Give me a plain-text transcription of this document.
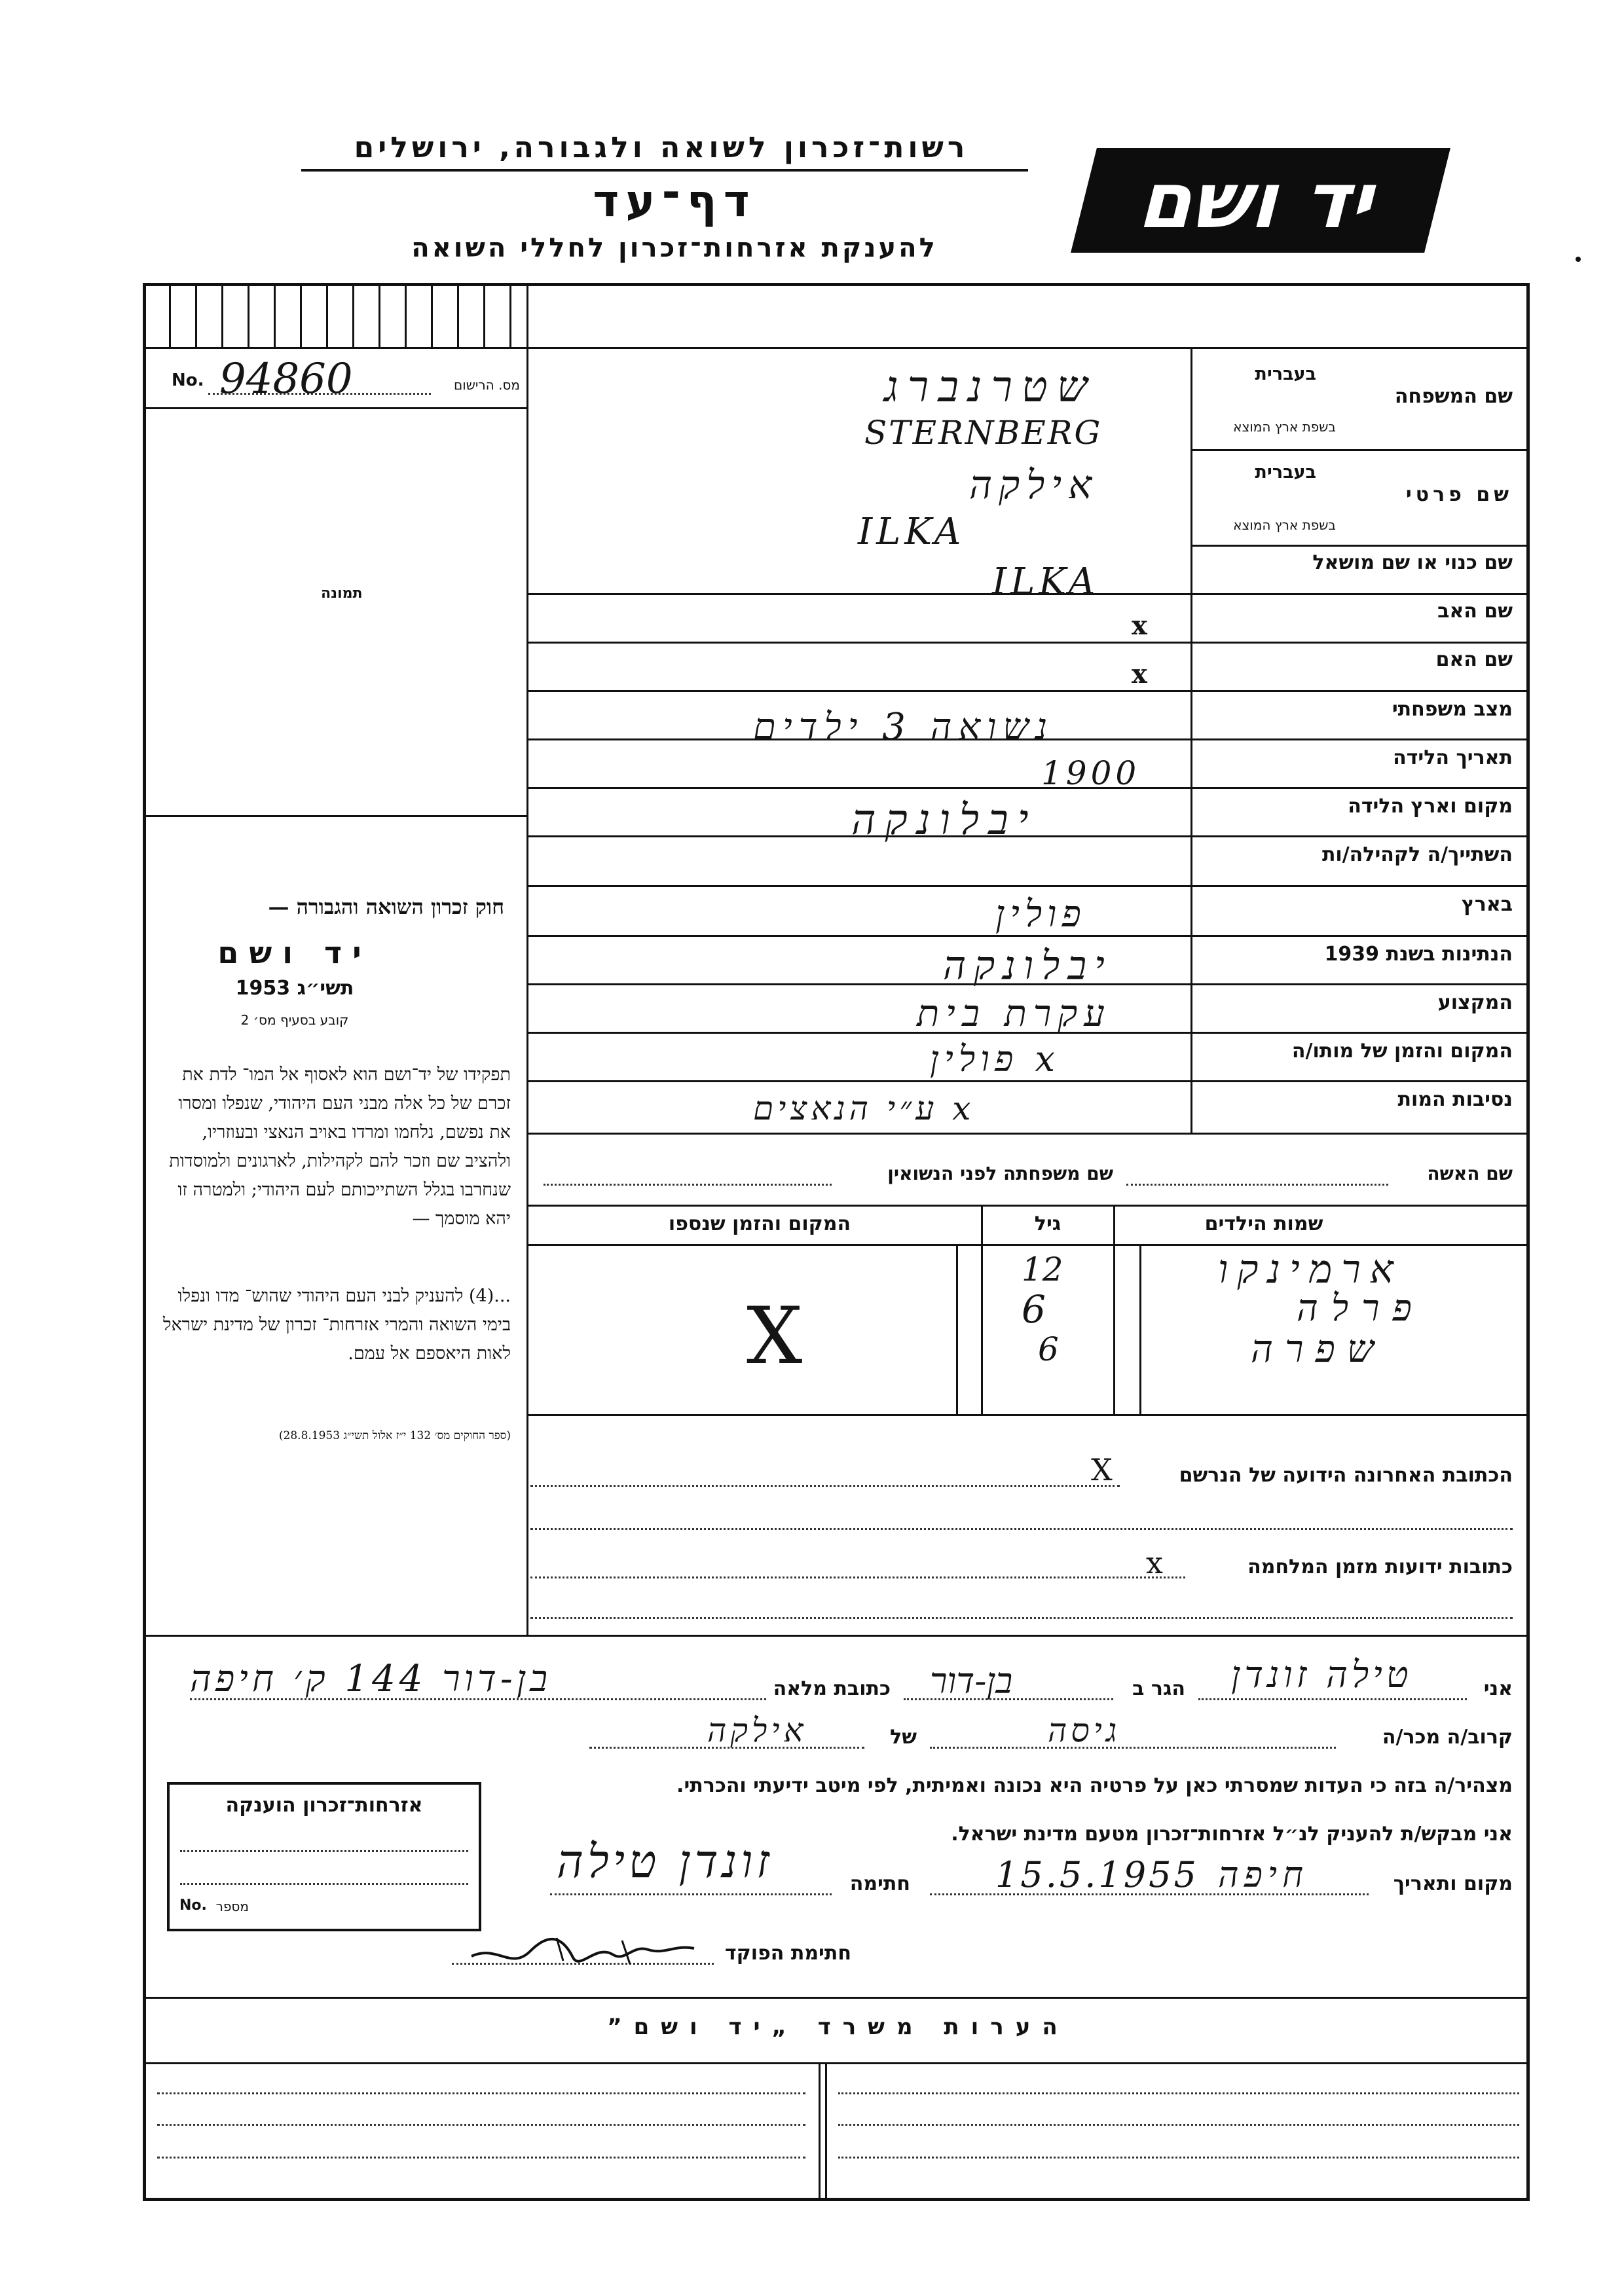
רשות־זכרון לשואה ולגבורה, ירושלים
דף־עד
להענקת אזרחות־זכרון לחללי השואה
יד ושם
No. 94860	מס. הרישום
תמונה
חוק זכרון השואה והגבורה —
יד ושם
תשי״ג 1953
קובע בסעיף מס׳ 2
תפקידו של יד־ושם הוא לאסוף אל המו־ לדת את זכרם של כל אלה מבני העם היהודי, שנפלו ומסרו את נפשם, נלחמו ומרדו באויב הנאצי ובעוזריו, ולהציב שם וזכר להם לקהילות, לארגונים ולמוסדות שנחרבו בגלל השתייכותם לעם היהודי; ולמטרה זו יהא מוסמך —
...(4) להעניק לבני העם היהודי שהוש־ מדו ונפלו בימי השואה והמרי אזרחות־ זכרון של מדינת ישראל לאות היאספם אל עמם.
(ספר החוקים מס׳ 132 י״ז אלול תשי״ג 28.8.1953)
בעברית
שם המשפחה
בשפת ארץ המוצא
בעברית
שם פרטי
בשפת ארץ המוצא
שם כנוי או שם מושאל
שם האב
שם האם
מצב משפחתי
תאריך הלידה
מקום וארץ הלידה
השתייך/ה לקהילה/ות
בארץ
הנתינות בשנת 1939
המקצוע
המקום והזמן של מותו/ה
נסיבות המות
שטרנברג
STERNBERG
אילקה
ILKA
ILKA
x
x
נשואה 3 ילדים
1900
יבלונקה
פולין
יבלונקה
עקרת בית
x פולין
x ע״י הנאצים
שם האשה
שם משפחתה לפני הנשואין
שמות הילדים
גיל
המקום והזמן שנספו
ארמינקו
12
פרלה
6
שפרה
6
X
הכתובת האחרונה הידועה של הנרשם
X
כתובות ידועות מזמן המלחמה
x
אני
טילה זונדן
הגר ב
בן-דור
כתובת מלאה
בן-דור 144 ק׳ חיפה
קרוב/ה מכר/ה
גיסה
של
אילקה
מצהיר/ה בזה כי העדות שמסרתי כאן על פרטיה היא נכונה ואמיתית, לפי מיטב ידיעתי והכרתי.
אני מבקש/ת להעניק לנ״ל אזרחות־זכרון מטעם מדינת ישראל.
מקום ותאריך
חיפה
15.5.1955
חתימה
זונדן טילה
חתימת הפוקד
אזרחות־זכרון הוענקה
No. מספר
הערות משרד „יד ושם”
